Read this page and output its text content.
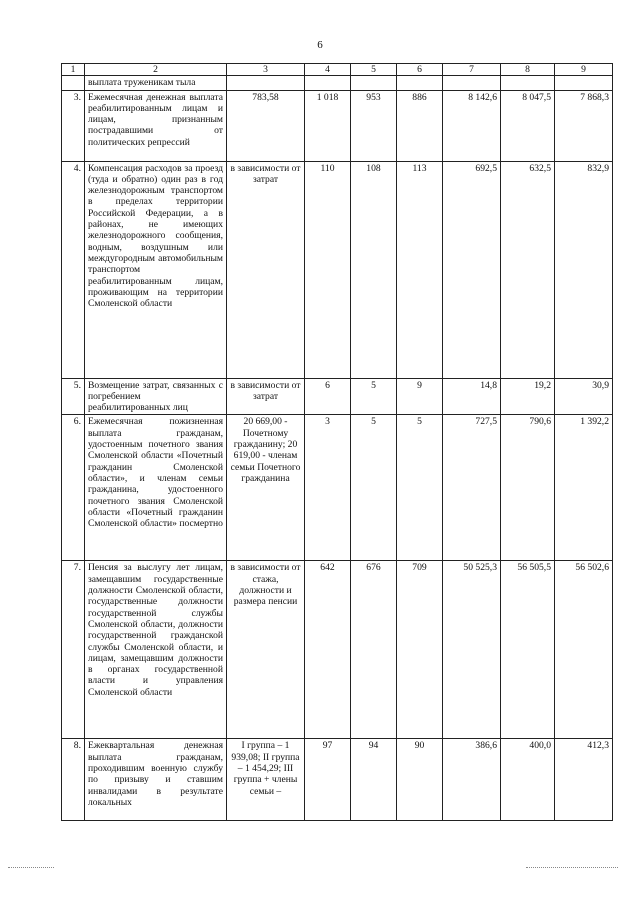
6
1	2	3	4	5	6	7	8	9
	выплата труженикам тыла							
3.	Ежемесячная денежная выплата реабилитированным лицам и лицам, признанным пострадавшими от политических репрессий	783,58	1 018	953	886	8 142,6	8 047,5	7 868,3
4.	Компенсация расходов за проезд (туда и обратно) один раз в год железнодорожным транспортом в пределах территории Российской Федерации, а в районах, не имеющих железнодорожного сообщения, водным, воздушным или междугородным автомобильным транспортом реабилитированным лицам, проживающим на территории Смоленской области	в зависимости от затрат	110	108	113	692,5	632,5	832,9
5.	Возмещение затрат, связанных с погребением реабилитированных лиц	в зависимости от затрат	6	5	9	14,8	19,2	30,9
6.	Ежемесячная пожизненная выплата гражданам, удостоенным почетного звания Смоленской области «Почетный гражданин Смоленской области», и членам семьи гражданина, удостоенного почетного звания Смоленской области «Почетный гражданин Смоленской области» посмертно	20 669,00 - Почетному гражданину; 20 619,00 - членам семьи Почетного гражданина	3	5	5	727,5	790,6	1 392,2
7.	Пенсия за выслугу лет лицам, замещавшим государственные должности Смоленской области, государственные должности государственной службы Смоленской области, должности государственной гражданской службы Смоленской области, и лицам, замещавшим должности в органах государственной власти и управления Смоленской области	в зависимости от стажа, должности и размера пенсии	642	676	709	50 525,3	56 505,5	56 502,6
8.	Ежеквартальная денежная выплата гражданам, проходившим военную службу по призыву и ставшим инвалидами в результате локальных	I группа – 1 939,08; II группа – 1 454,29; III группа + члены семьи –	97	94	90	386,6	400,0	412,3
